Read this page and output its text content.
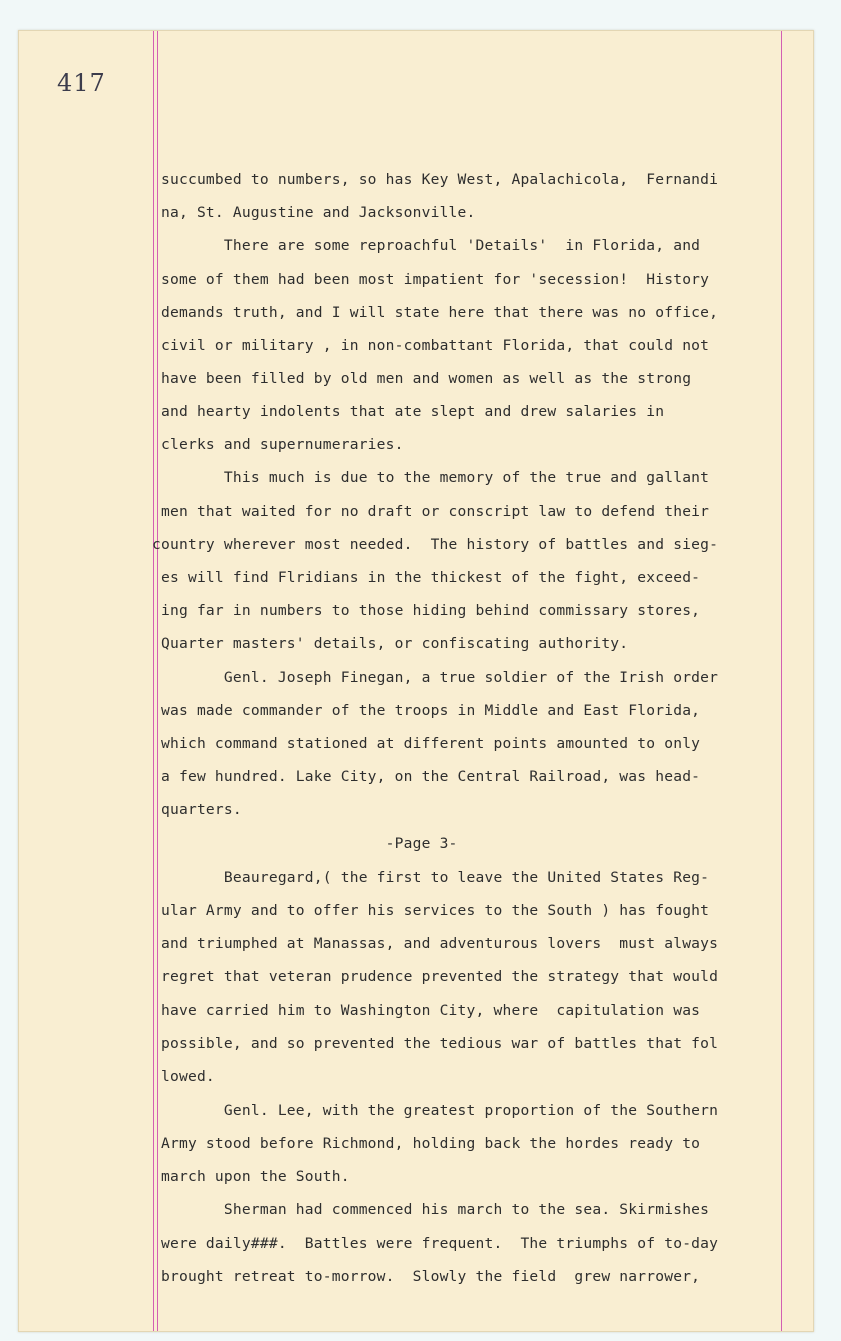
417
succumbed to numbers, so has Key West, Apalachicola,  Fernandi
na, St. Augustine and Jacksonville.
There are some reproachful 'Details'  in Florida, and
some of them had been most impatient for 'secession!  History
demands truth, and I will state here that there was no office,
civil or military , in non-combattant Florida, that could not
have been filled by old men and women as well as the strong
and hearty indolents that ate slept and drew salaries in
clerks and supernumeraries.
This much is due to the memory of the true and gallant
men that waited for no draft or conscript law to defend their
country wherever most needed.  The history of battles and sieg-
es will find Flridians in the thickest of the fight, exceed-
ing far in numbers to those hiding behind commissary stores,
Quarter masters' details, or confiscating authority.
Genl. Joseph Finegan, a true soldier of the Irish order
was made commander of the troops in Middle and East Florida,
which command stationed at different points amounted to only
a few hundred. Lake City, on the Central Railroad, was head-
quarters.
-Page 3-
Beauregard,( the first to leave the United States Reg-
ular Army and to offer his services to the South ) has fought
and triumphed at Manassas, and adventurous lovers  must always
regret that veteran prudence prevented the strategy that would
have carried him to Washington City, where  capitulation was
possible, and so prevented the tedious war of battles that fol
lowed.
Genl. Lee, with the greatest proportion of the Southern
Army stood before Richmond, holding back the hordes ready to
march upon the South.
Sherman had commenced his march to the sea. Skirmishes
were daily###.  Battles were frequent.  The triumphs of to-day
brought retreat to-morrow.  Slowly the field  grew narrower,
